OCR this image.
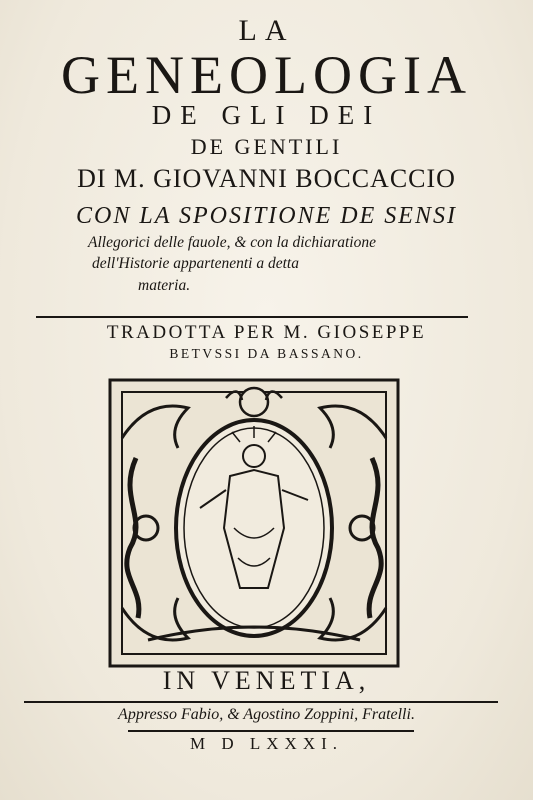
LA
GENEOLOGIA
DE GLI DEI
DE GENTILI
DI M. GIOVANNI BOCCACCIO
CON LA SPOSITIONE DE SENSI
Allegorici delle fauole, & con la dichiaratione
dell'Historie appartenenti a detta
materia.
TRADOTTA PER M. GIOSEPPE
BETVSSI DA BASSANO.
IN VENETIA,
Appresso Fabio, & Agostino Zoppini, Fratelli.
M D LXXXI.
